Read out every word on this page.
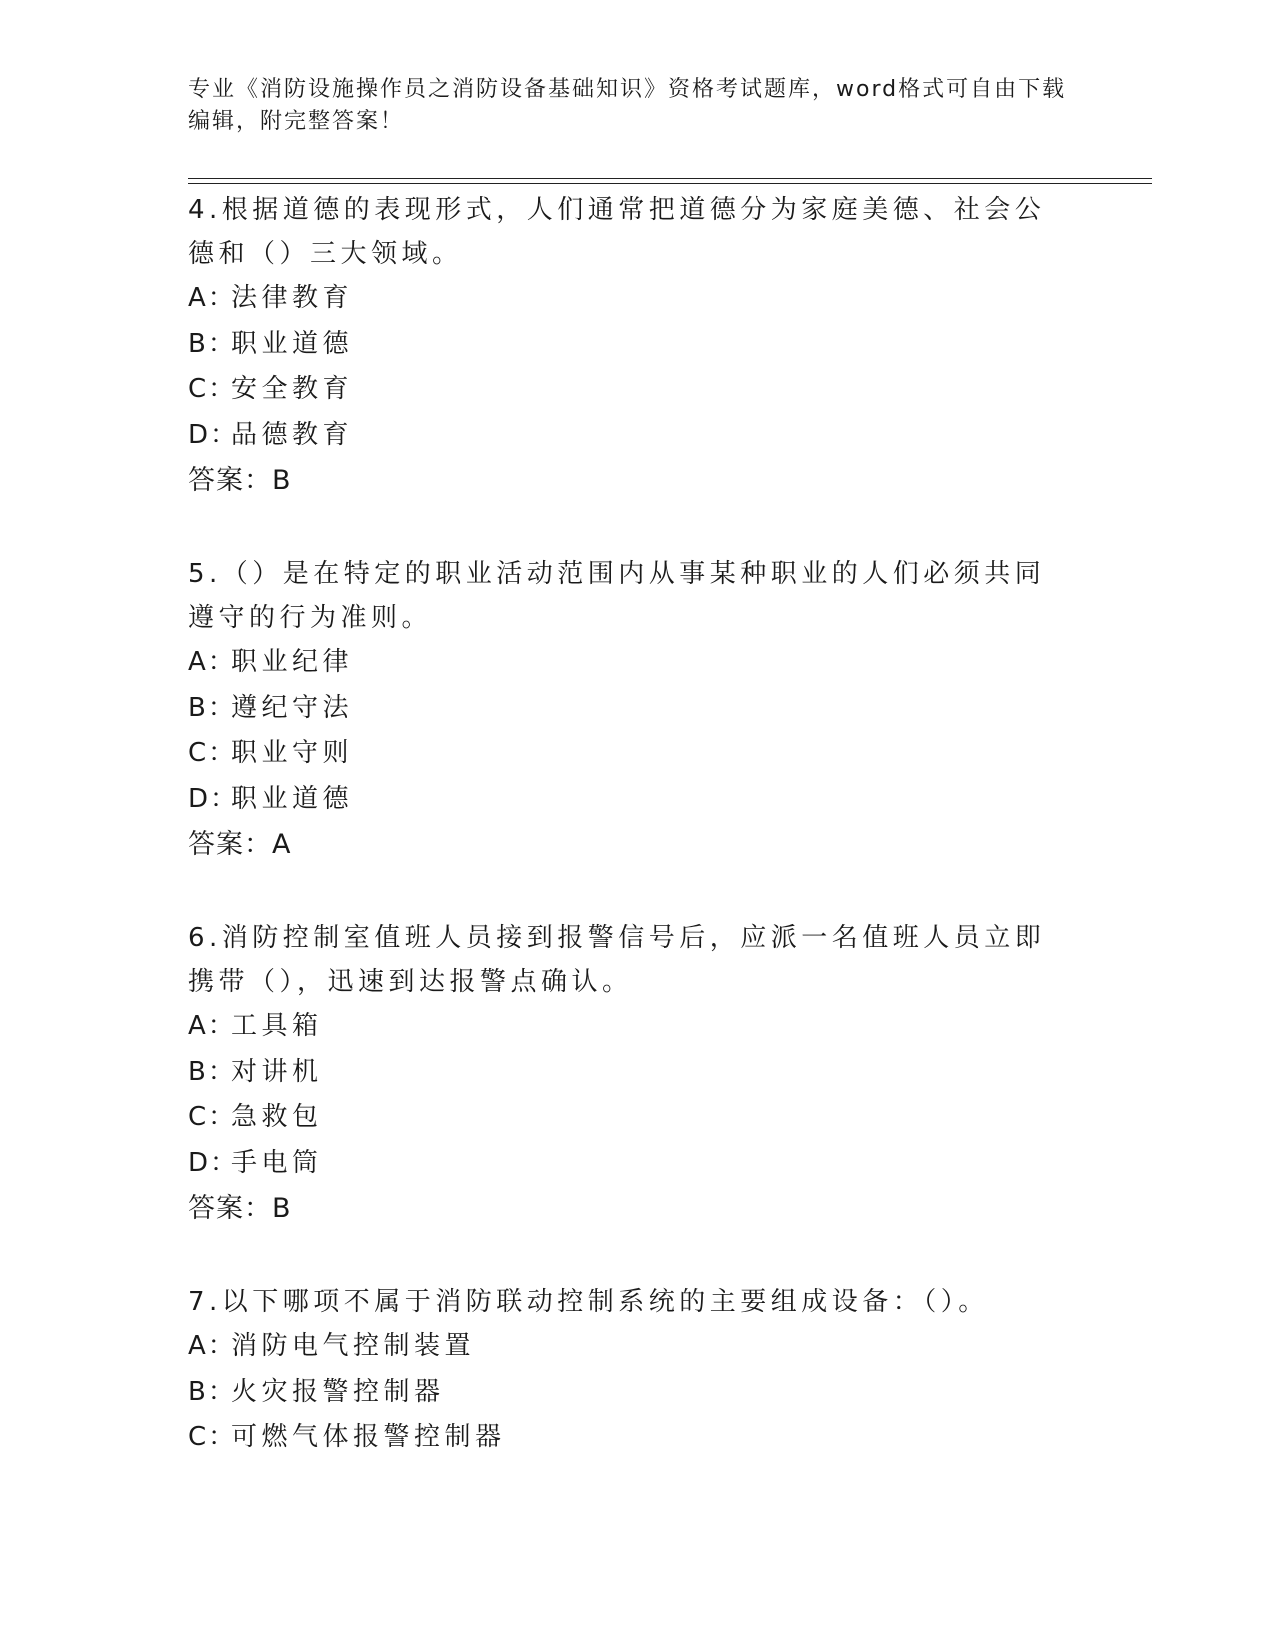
专业《消防设施操作员之消防设备基础知识》资格考试题库，word格式可自由下载编辑，附完整答案！

4.根据道德的表现形式，人们通常把道德分为家庭美德、社会公德和（）三大领域。

A：法律教育

B：职业道德

C：安全教育

D：品德教育

答案：B

5.（）是在特定的职业活动范围内从事某种职业的人们必须共同遵守的行为准则。

A：职业纪律

B：遵纪守法

C：职业守则

D：职业道德

答案：A

6.消防控制室值班人员接到报警信号后，应派一名值班人员立即携带（），迅速到达报警点确认。

A：工具箱

B：对讲机

C：急救包

D：手电筒

答案：B

7.以下哪项不属于消防联动控制系统的主要组成设备：（）。

A：消防电气控制装置

B：火灾报警控制器

C：可燃气体报警控制器
